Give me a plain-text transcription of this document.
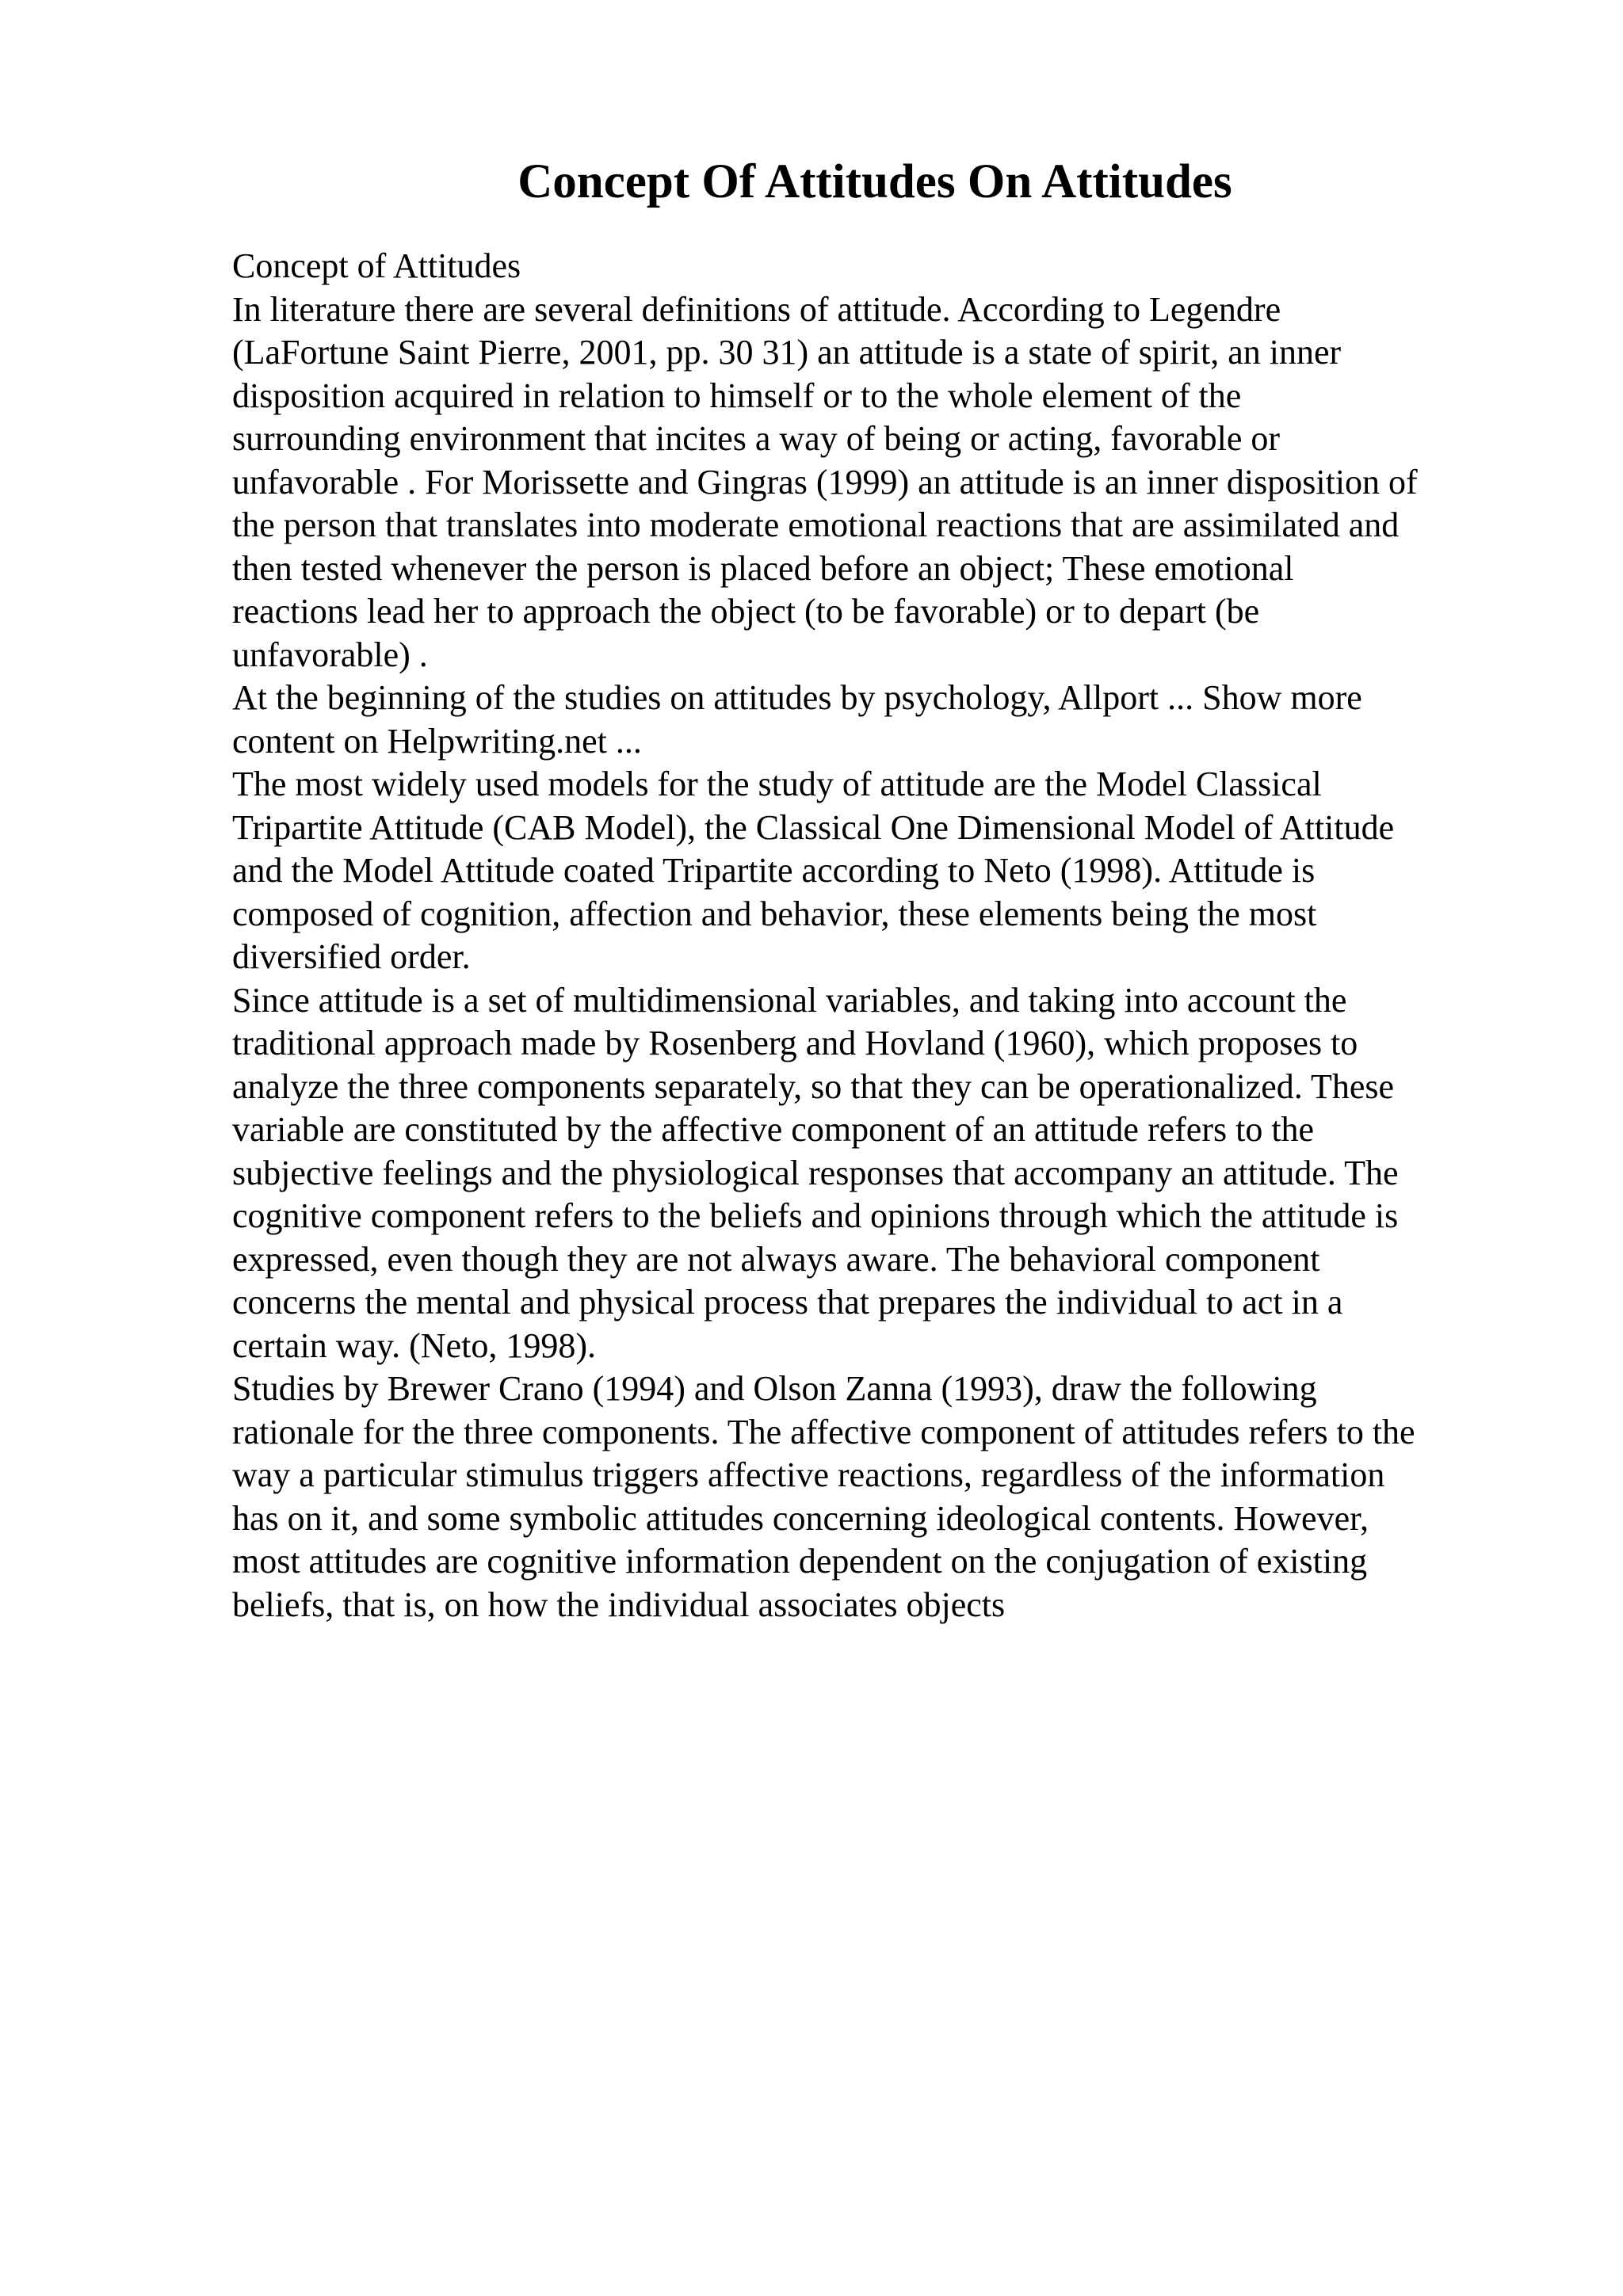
Concept Of Attitudes On Attitudes
Concept of Attitudes
In literature there are several definitions of attitude. According to Legendre
(LaFortune Saint Pierre, 2001, pp. 30 31) an attitude is a state of spirit, an inner
disposition acquired in relation to himself or to the whole element of the
surrounding environment that incites a way of being or acting, favorable or
unfavorable . For Morissette and Gingras (1999) an attitude is an inner disposition of
the person that translates into moderate emotional reactions that are assimilated and
then tested whenever the person is placed before an object; These emotional
reactions lead her to approach the object (to be favorable) or to depart (be
unfavorable) .
At the beginning of the studies on attitudes by psychology, Allport ... Show more
content on Helpwriting.net ...
The most widely used models for the study of attitude are the Model Classical
Tripartite Attitude (CAB Model), the Classical One Dimensional Model of Attitude
and the Model Attitude coated Tripartite according to Neto (1998). Attitude is
composed of cognition, affection and behavior, these elements being the most
diversified order.
Since attitude is a set of multidimensional variables, and taking into account the
traditional approach made by Rosenberg and Hovland (1960), which proposes to
analyze the three components separately, so that they can be operationalized. These
variable are constituted by the affective component of an attitude refers to the
subjective feelings and the physiological responses that accompany an attitude. The
cognitive component refers to the beliefs and opinions through which the attitude is
expressed, even though they are not always aware. The behavioral component
concerns the mental and physical process that prepares the individual to act in a
certain way. (Neto, 1998).
Studies by Brewer Crano (1994) and Olson Zanna (1993), draw the following
rationale for the three components. The affective component of attitudes refers to the
way a particular stimulus triggers affective reactions, regardless of the information
has on it, and some symbolic attitudes concerning ideological contents. However,
most attitudes are cognitive information dependent on the conjugation of existing
beliefs, that is, on how the individual associates objects
